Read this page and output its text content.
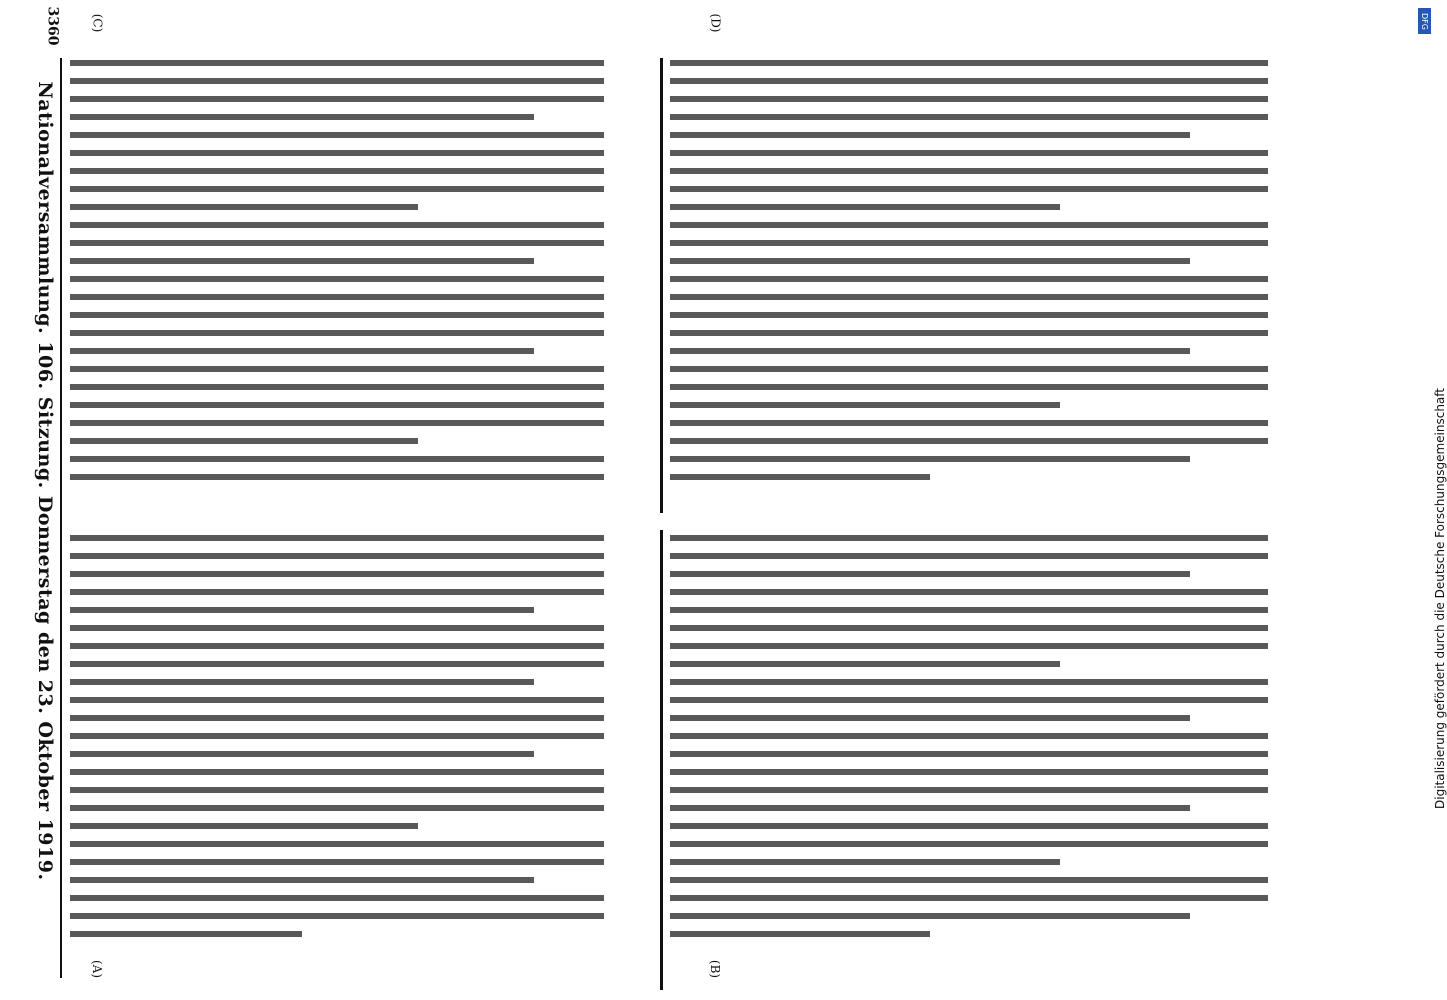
3360
Nationalversammlung. 106. Sitzung. Donnerstag den 23. Oktober 1919.
(A)	(B)
(C)	(D)
Digitalisierung gefördert durch die Deutsche Forschungsgemeinschaft
DFG
